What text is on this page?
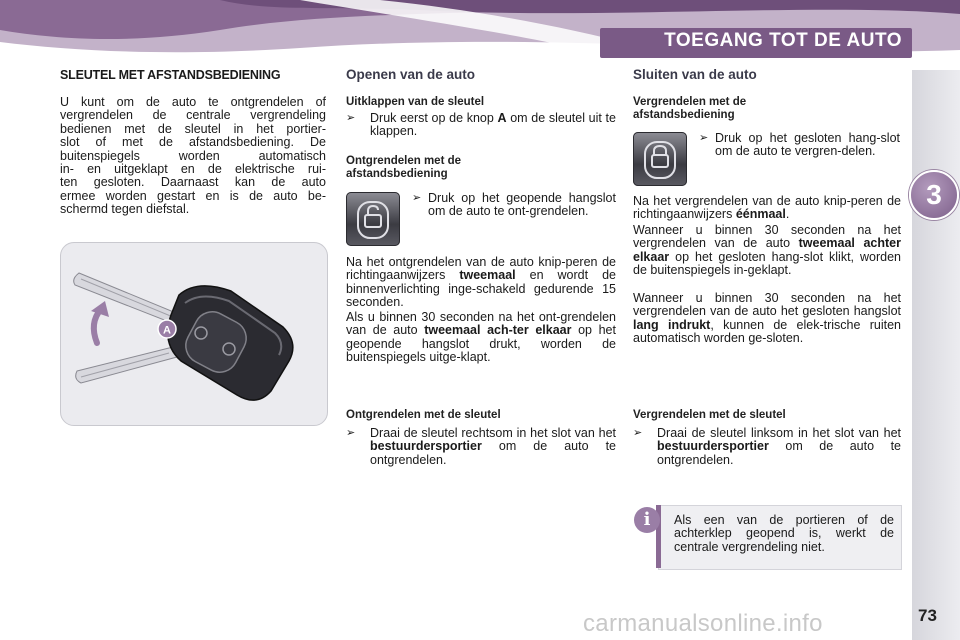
TOEGANG TOT DE AUTO
3
73
carmanualsonline.info
SLEUTEL MET AFSTANDSBEDIENING
U kunt om de auto te ontgrendelen of
vergrendelen de centrale vergrendeling
bedienen met de sleutel in het portier-
slot of met de afstandsbediening. De
buitenspiegels worden automatisch
in- en uitgeklapt en de elektrische rui-
ten gesloten. Daarnaast kan de auto
ermee worden gestart en is de auto be-
schermd tegen diefstal.
A
Openen van de auto
Uitklappen van de sleutel
➢ Druk eerst op de knop A om de sleutel uit te klappen.
Ontgrendelen met de
afstandsbediening
➢ Druk op het geopende hangslot om de auto te ont-grendelen.
Na het ontgrendelen van de auto knip-peren de richtingaanwijzers tweemaal en wordt de binnenverlichting inge-schakeld gedurende 15 seconden.
Als u binnen 30 seconden na het ont-grendelen van de auto tweemaal ach-ter elkaar op het geopende hangslot drukt, worden de buitenspiegels uitge-klapt.
Ontgrendelen met de sleutel
➢ Draai de sleutel rechtsom in het slot van het bestuurdersportier om de auto te ontgrendelen.
Sluiten van de auto
Vergrendelen met de
afstandsbediening
➢ Druk op het gesloten hang-slot om de auto te vergren-delen.
Na het vergrendelen van de auto knip-peren de richtingaanwijzers éénmaal.
Wanneer u binnen 30 seconden na het vergrendelen van de auto tweemaal achter elkaar op het gesloten hang-slot klikt, worden de buitenspiegels in-geklapt.
Wanneer u binnen 30 seconden na het vergrendelen van de auto het gesloten hangslot lang indrukt, kunnen de elek-trische ruiten automatisch worden ge-sloten.
Vergrendelen met de sleutel
➢ Draai de sleutel linksom in het slot van het bestuurdersportier om de auto te ontgrendelen.
i	Als een van de portieren of de achterklep geopend is, werkt de centrale vergrendeling niet.
